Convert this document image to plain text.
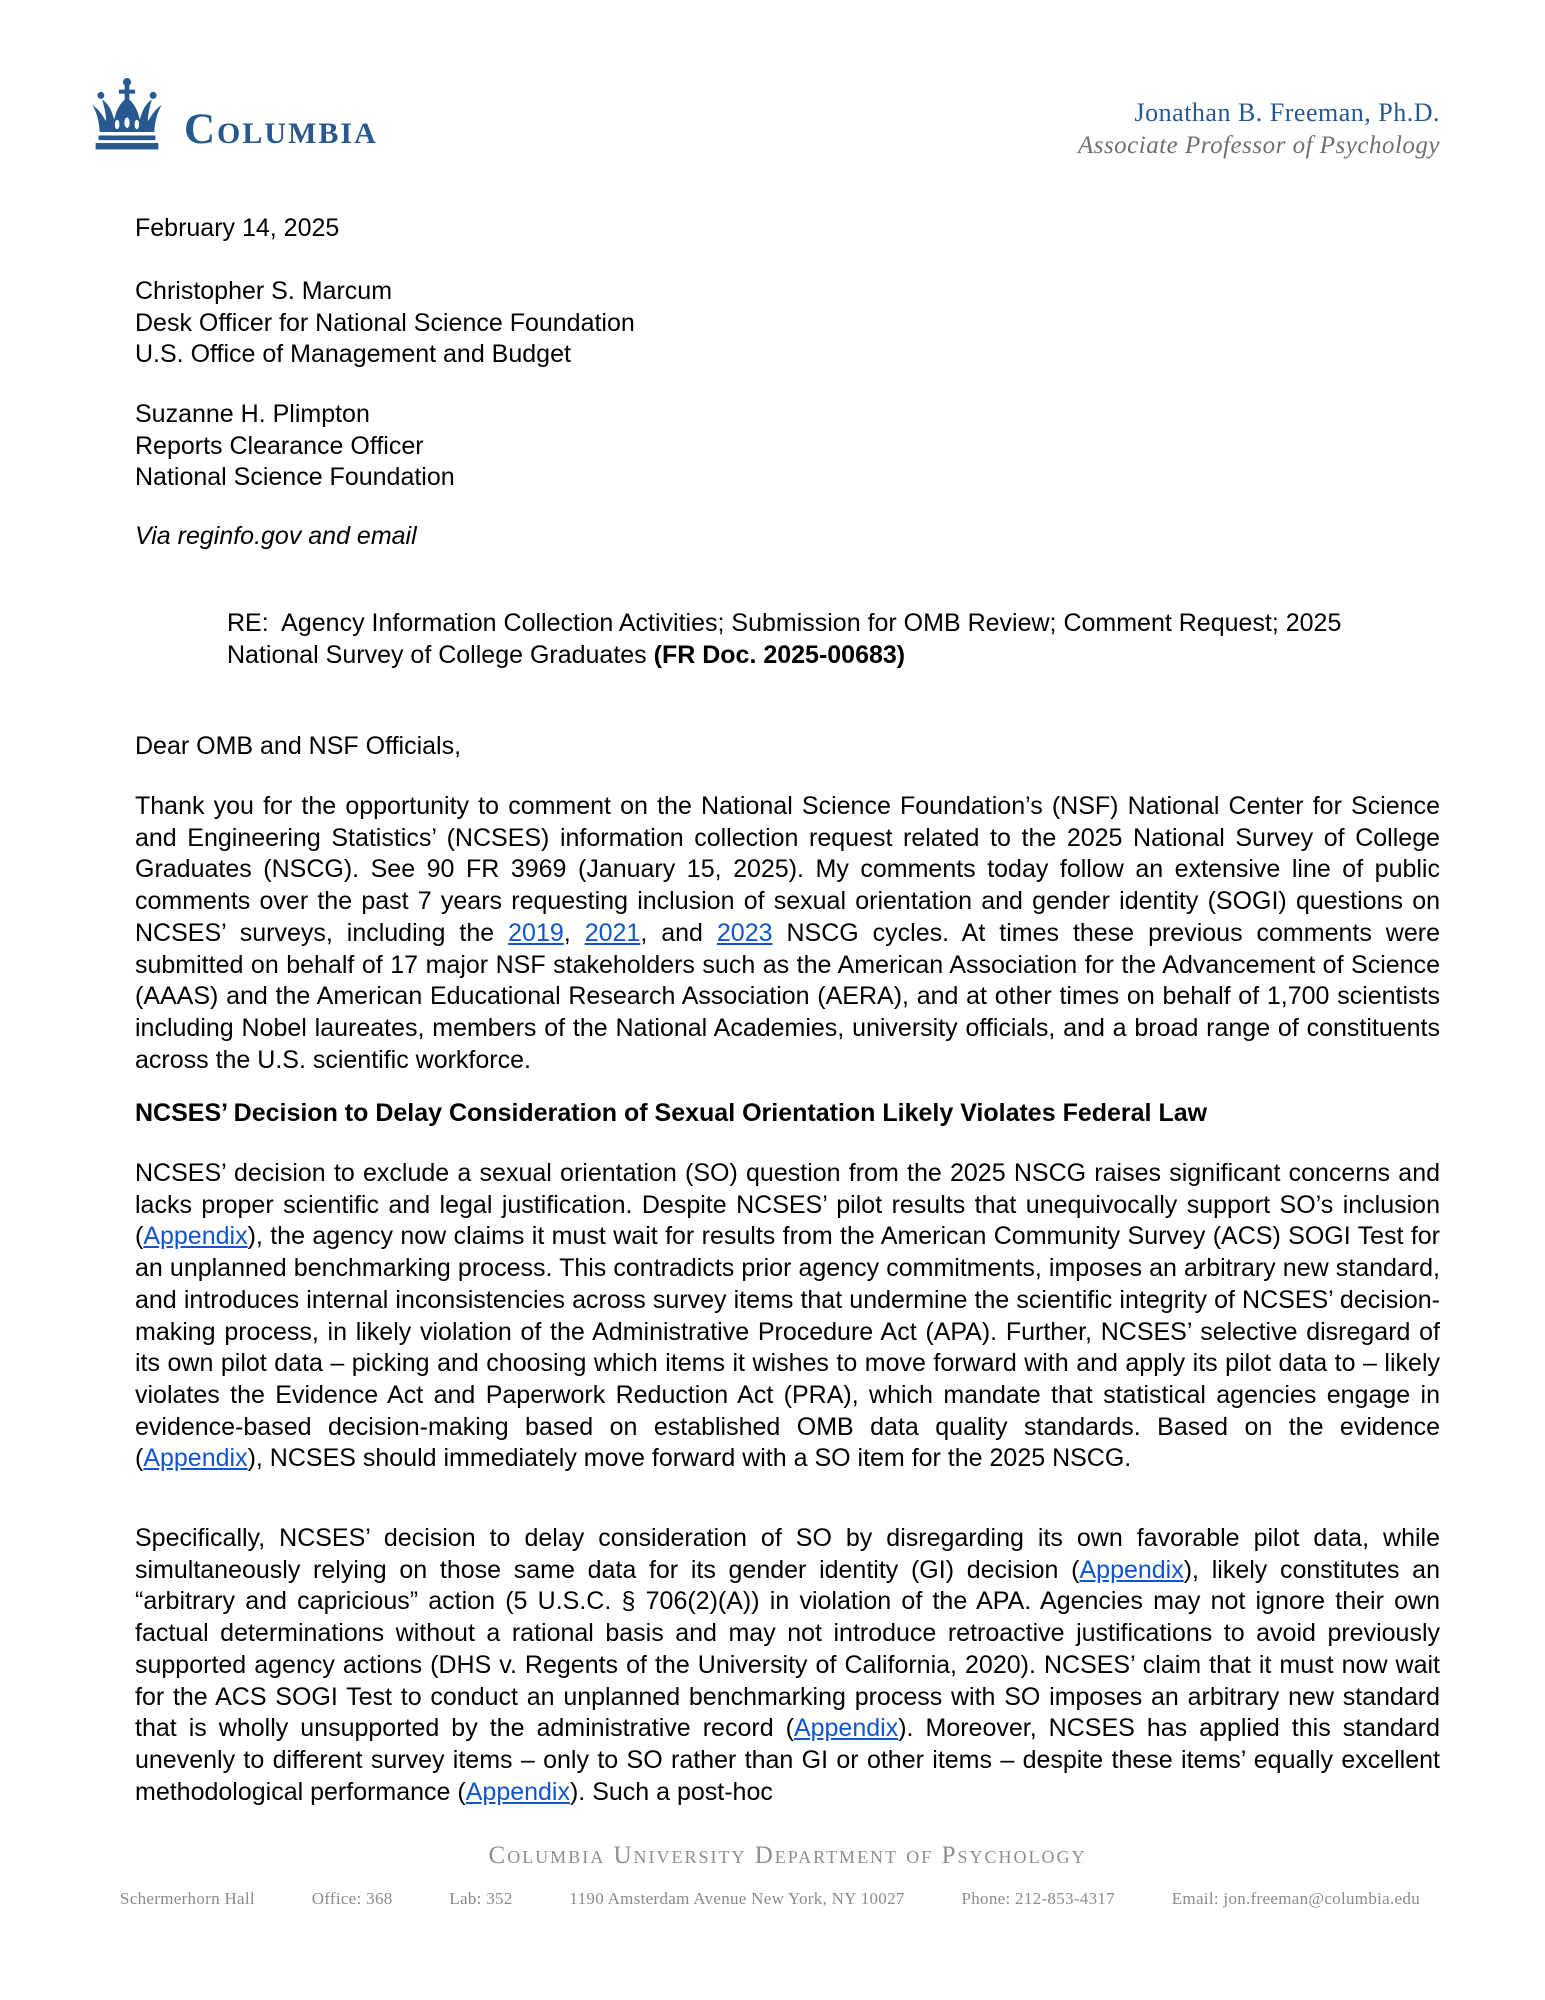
Columbia	Jonathan B. Freeman, Ph.D.
Associate Professor of Psychology
February 14, 2025
Christopher S. Marcum
Desk Officer for National Science Foundation
U.S. Office of Management and Budget
Suzanne H. Plimpton
Reports Clearance Officer
National Science Foundation
Via reginfo.gov and email
RE:  Agency Information Collection Activities; Submission for OMB Review; Comment Request; 2025 National Survey of College Graduates (FR Doc. 2025-00683)
Dear OMB and NSF Officials,
Thank you for the opportunity to comment on the National Science Foundation’s (NSF) National Center for Science and Engineering Statistics’ (NCSES) information collection request related to the 2025 National Survey of College Graduates (NSCG). See 90 FR 3969 (January 15, 2025). My comments today follow an extensive line of public comments over the past 7 years requesting inclusion of sexual orientation and gender identity (SOGI) questions on NCSES’ surveys, including the 2019, 2021, and 2023 NSCG cycles. At times these previous comments were submitted on behalf of 17 major NSF stakeholders such as the American Association for the Advancement of Science (AAAS) and the American Educational Research Association (AERA), and at other times on behalf of 1,700 scientists including Nobel laureates, members of the National Academies, university officials, and a broad range of constituents across the U.S. scientific workforce.
NCSES’ Decision to Delay Consideration of Sexual Orientation Likely Violates Federal Law
NCSES’ decision to exclude a sexual orientation (SO) question from the 2025 NSCG raises significant concerns and lacks proper scientific and legal justification. Despite NCSES’ pilot results that unequivocally support SO’s inclusion (Appendix), the agency now claims it must wait for results from the American Community Survey (ACS) SOGI Test for an unplanned benchmarking process. This contradicts prior agency commitments, imposes an arbitrary new standard, and introduces internal inconsistencies across survey items that undermine the scientific integrity of NCSES’ decision-making process, in likely violation of the Administrative Procedure Act (APA). Further, NCSES’ selective disregard of its own pilot data – picking and choosing which items it wishes to move forward with and apply its pilot data to – likely violates the Evidence Act and Paperwork Reduction Act (PRA), which mandate that statistical agencies engage in evidence-based decision-making based on established OMB data quality standards. Based on the evidence (Appendix), NCSES should immediately move forward with a SO item for the 2025 NSCG.
Specifically, NCSES’ decision to delay consideration of SO by disregarding its own favorable pilot data, while simultaneously relying on those same data for its gender identity (GI) decision (Appendix), likely constitutes an “arbitrary and capricious” action (5 U.S.C. § 706(2)(A)) in violation of the APA. Agencies may not ignore their own factual determinations without a rational basis and may not introduce retroactive justifications to avoid previously supported agency actions (DHS v. Regents of the University of California, 2020). NCSES’ claim that it must now wait for the ACS SOGI Test to conduct an unplanned benchmarking process with SO imposes an arbitrary new standard that is wholly unsupported by the administrative record (Appendix). Moreover, NCSES has applied this standard unevenly to different survey items – only to SO rather than GI or other items – despite these items’ equally excellent methodological performance (Appendix). Such a post-hoc
Columbia University Department of Psychology
Schermerhorn Hall	Office: 368	Lab: 352	1190 Amsterdam Avenue New York, NY 10027	Phone: 212-853-4317	Email: jon.freeman@columbia.edu
